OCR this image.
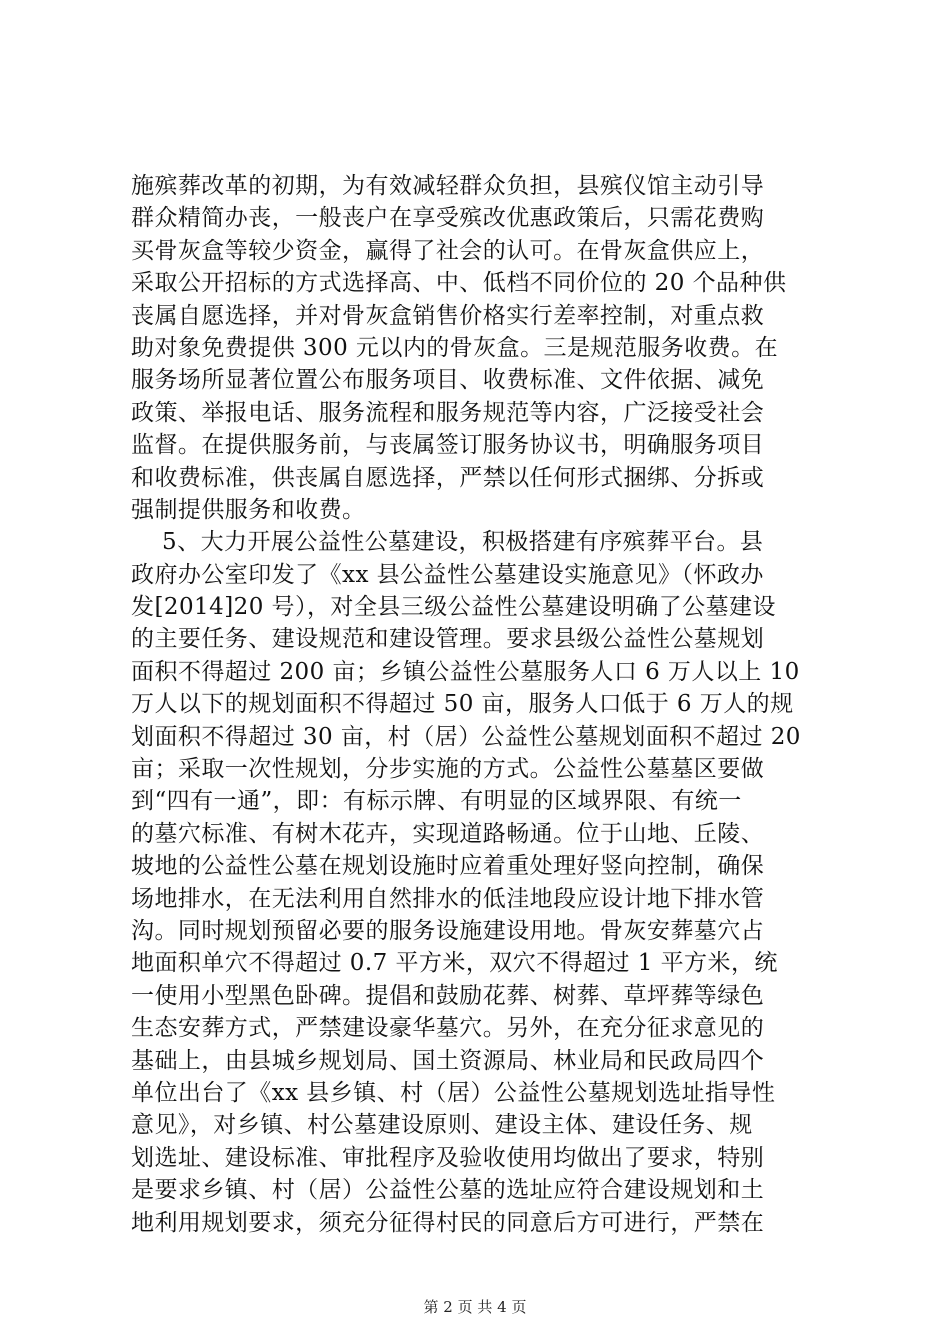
施殡葬改革的初期，为有效减轻群众负担，县殡仪馆主动引导
群众精简办丧，一般丧户在享受殡改优惠政策后，只需花费购
买骨灰盒等较少资金，赢得了社会的认可。在骨灰盒供应上，
采取公开招标的方式选择高、中、低档不同价位的 20 个品种供
丧属自愿选择，并对骨灰盒销售价格实行差率控制，对重点救
助对象免费提供 300 元以内的骨灰盒。三是规范服务收费。在
服务场所显著位置公布服务项目、收费标准、文件依据、减免
政策、举报电话、服务流程和服务规范等内容，广泛接受社会
监督。在提供服务前，与丧属签订服务协议书，明确服务项目
和收费标准，供丧属自愿选择，严禁以任何形式捆绑、分拆或
强制提供服务和收费。
5、大力开展公益性公墓建设，积极搭建有序殡葬平台。县
政府办公室印发了《xx 县公益性公墓建设实施意见》（怀政办
发[2014]20 号），对全县三级公益性公墓建设明确了公墓建设
的主要任务、建设规范和建设管理。要求县级公益性公墓规划
面积不得超过 200 亩；乡镇公益性公墓服务人口 6 万人以上 10
万人以下的规划面积不得超过 50 亩，服务人口低于 6 万人的规
划面积不得超过 30 亩，村（居）公益性公墓规划面积不超过 20
亩；采取一次性规划，分步实施的方式。公益性公墓墓区要做
到“四有一通”，即：有标示牌、有明显的区域界限、有统一
的墓穴标准、有树木花卉，实现道路畅通。位于山地、丘陵、
坡地的公益性公墓在规划设施时应着重处理好竖向控制，确保
场地排水，在无法利用自然排水的低洼地段应设计地下排水管
沟。同时规划预留必要的服务设施建设用地。骨灰安葬墓穴占
地面积单穴不得超过 0.7 平方米，双穴不得超过 1 平方米，统
一使用小型黑色卧碑。提倡和鼓励花葬、树葬、草坪葬等绿色
生态安葬方式，严禁建设豪华墓穴。另外，在充分征求意见的
基础上，由县城乡规划局、国土资源局、林业局和民政局四个
单位出台了《xx 县乡镇、村（居）公益性公墓规划选址指导性
意见》，对乡镇、村公墓建设原则、建设主体、建设任务、规
划选址、建设标准、审批程序及验收使用均做出了要求，特别
是要求乡镇、村（居）公益性公墓的选址应符合建设规划和土
地利用规划要求，须充分征得村民的同意后方可进行，严禁在
第 2 页 共 4 页
